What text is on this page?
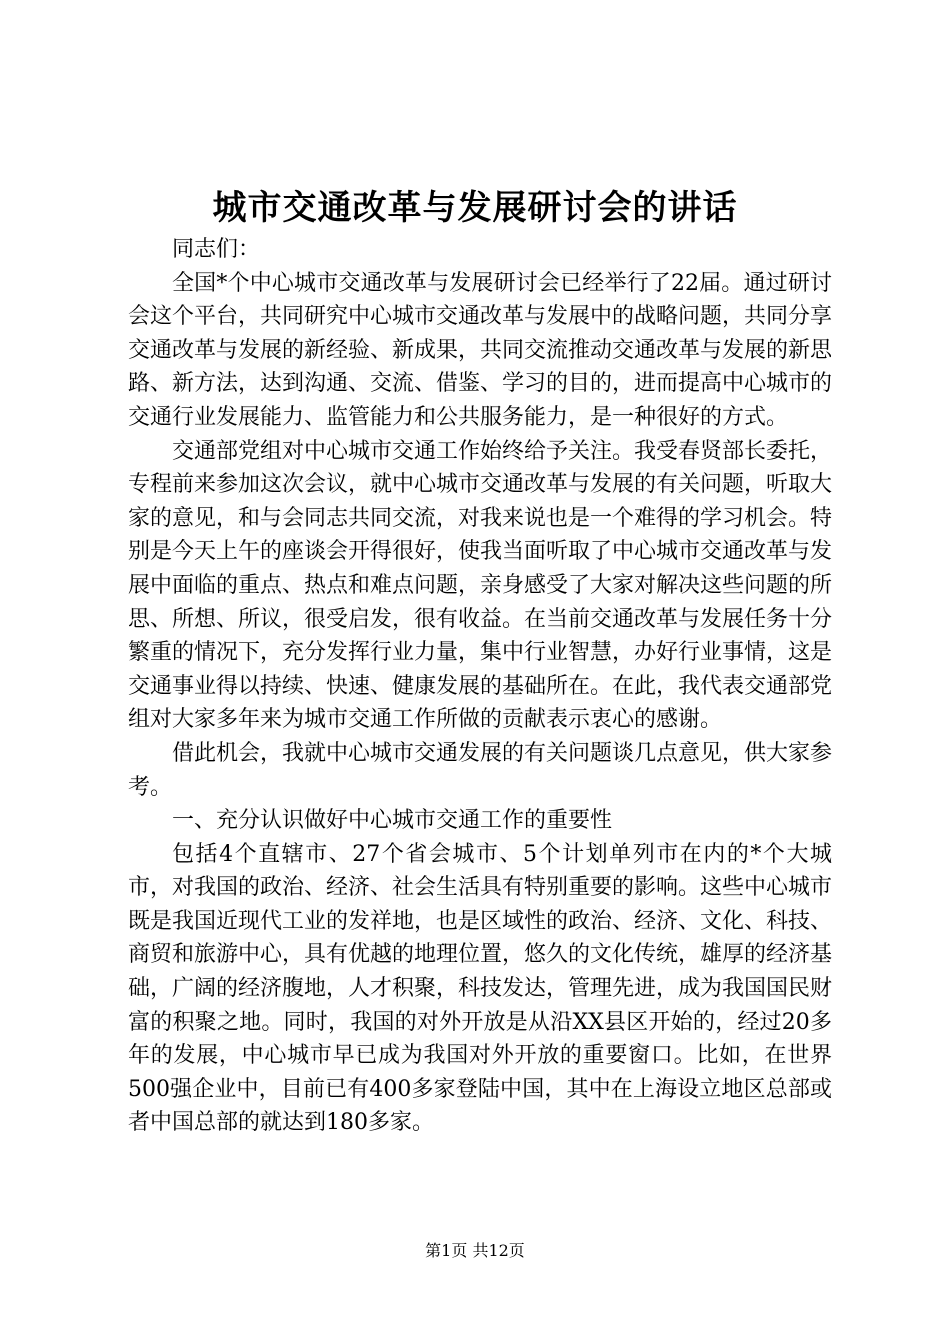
城市交通改革与发展研讨会的讲话

同志们：

全国*个中心城市交通改革与发展研讨会已经举行了22届。通过研讨会这个平台，共同研究中心城市交通改革与发展中的战略问题，共同分享交通改革与发展的新经验、新成果，共同交流推动交通改革与发展的新思路、新方法，达到沟通、交流、借鉴、学习的目的，进而提高中心城市的交通行业发展能力、监管能力和公共服务能力，是一种很好的方式。

交通部党组对中心城市交通工作始终给予关注。我受春贤部长委托，专程前来参加这次会议，就中心城市交通改革与发展的有关问题，听取大家的意见，和与会同志共同交流，对我来说也是一个难得的学习机会。特别是今天上午的座谈会开得很好，使我当面听取了中心城市交通改革与发展中面临的重点、热点和难点问题，亲身感受了大家对解决这些问题的所思、所想、所议，很受启发，很有收益。在当前交通改革与发展任务十分繁重的情况下，充分发挥行业力量，集中行业智慧，办好行业事情，这是交通事业得以持续、快速、健康发展的基础所在。在此，我代表交通部党组对大家多年来为城市交通工作所做的贡献表示衷心的感谢。

借此机会，我就中心城市交通发展的有关问题谈几点意见，供大家参考。

一、充分认识做好中心城市交通工作的重要性

包括4个直辖市、27个省会城市、5个计划单列市在内的*个大城市，对我国的政治、经济、社会生活具有特别重要的影响。这些中心城市既是我国近现代工业的发祥地，也是区域性的政治、经济、文化、科技、商贸和旅游中心，具有优越的地理位置，悠久的文化传统，雄厚的经济基础，广阔的经济腹地，人才积聚，科技发达，管理先进，成为我国国民财富的积聚之地。同时，我国的对外开放是从沿XX县区开始的，经过20多年的发展，中心城市早已成为我国对外开放的重要窗口。比如，在世界500强企业中，目前已有400多家登陆中国，其中在上海设立地区总部或者中国总部的就达到180多家。

第1页 共12页
